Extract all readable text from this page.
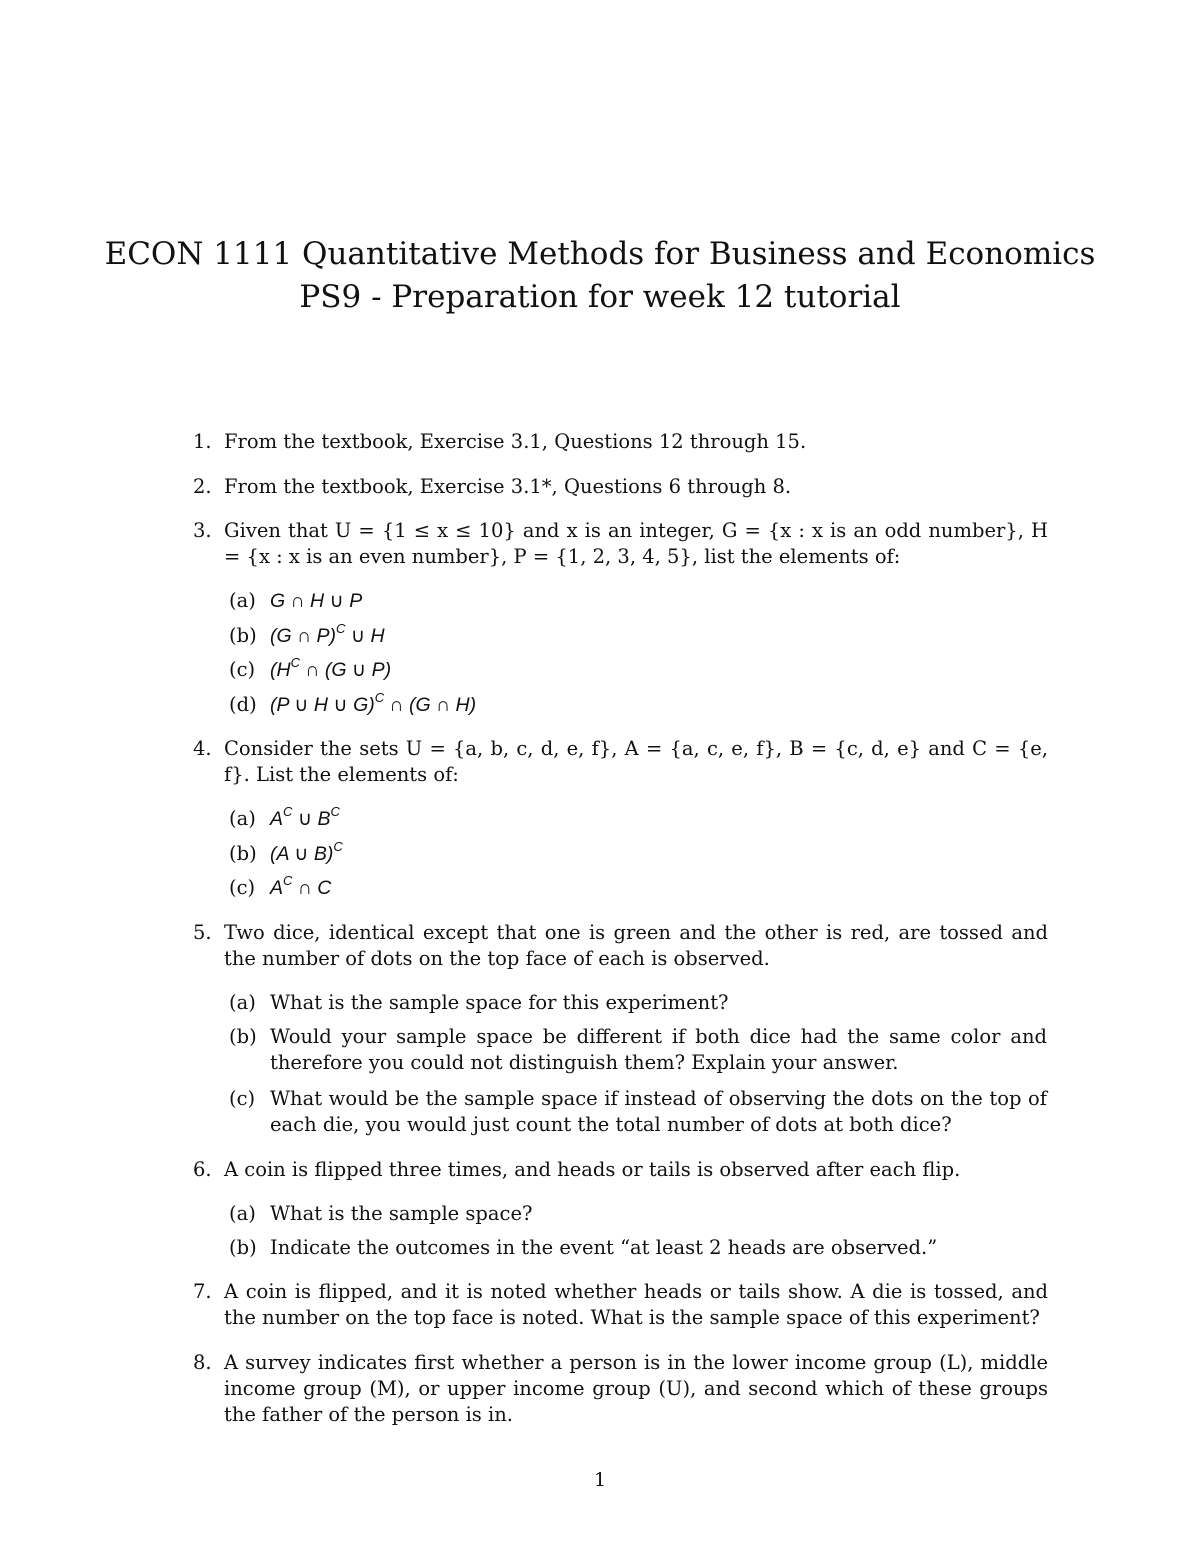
ECON 1111 Quantitative Methods for Business and Economics
PS9 - Preparation for week 12 tutorial
1. From the textbook, Exercise 3.1, Questions 12 through 15.
2. From the textbook, Exercise 3.1*, Questions 6 through 8.
3. Given that U = {1 ≤ x ≤ 10} and x is an integer, G = {x : x is an odd number}, H = {x : x is an even number}, P = {1, 2, 3, 4, 5}, list the elements of:
(a) G ∩ H ∪ P
(b) (G ∩ P)$^C$ ∪ H
(c) ($H^C$ ∩ (G ∪ P)
(d) (P ∪ H ∪ G)$^C$ ∩ (G ∩ H)
4. Consider the sets U = {a, b, c, d, e, f}, A = {a, c, e, f}, B = {c, d, e} and C = {e, f}. List the elements of:
(a) $A^C$ ∪ $B^C$
(b) (A ∪ B)$^C$
(c) $A^C$ ∩ C
5. Two dice, identical except that one is green and the other is red, are tossed and the number of dots on the top face of each is observed.
(a) What is the sample space for this experiment?
(b) Would your sample space be different if both dice had the same color and therefore you could not distinguish them? Explain your answer.
(c) What would be the sample space if instead of observing the dots on the top of each die, you would just count the total number of dots at both dice?
6. A coin is flipped three times, and heads or tails is observed after each flip.
(a) What is the sample space?
(b) Indicate the outcomes in the event “at least 2 heads are observed.”
7. A coin is flipped, and it is noted whether heads or tails show. A die is tossed, and the number on the top face is noted. What is the sample space of this experiment?
8. A survey indicates first whether a person is in the lower income group (L), middle income group (M), or upper income group (U), and second which of these groups the father of the person is in.
1
